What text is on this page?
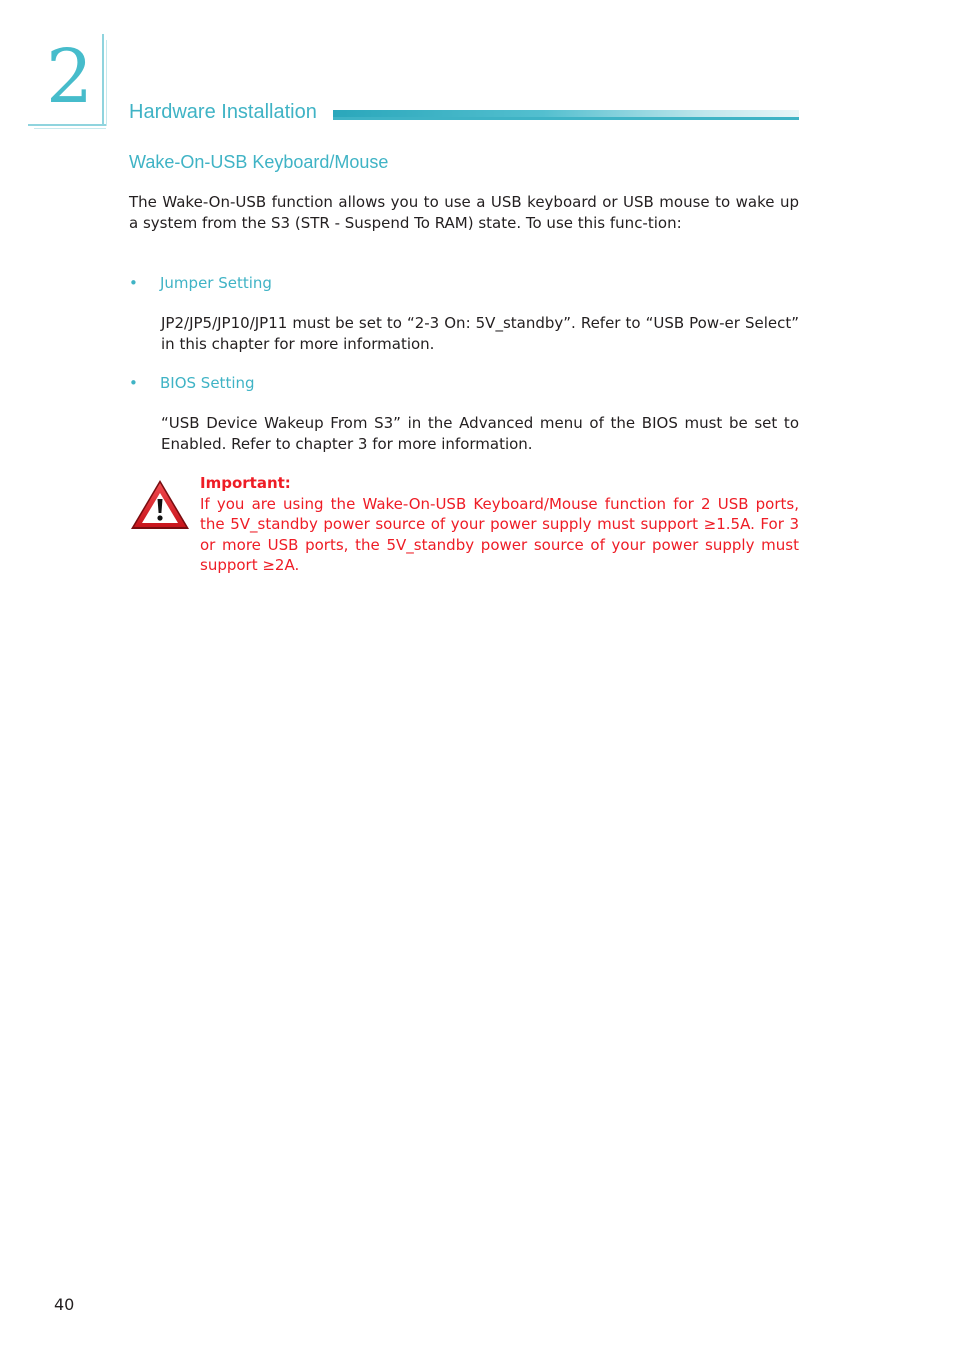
2 Hardware Installation
Wake-On-USB Keyboard/Mouse

The Wake-On-USB function allows you to use a USB keyboard or USB mouse to wake up a system from the S3 (STR - Suspend To RAM) state. To use this func-tion:

• Jumper Setting

JP2/JP5/JP10/JP11 must be set to “2-3 On: 5V_standby”. Refer to “USB Pow-er Select” in this chapter for more information.

• BIOS Setting

“USB Device Wakeup From S3” in the Advanced menu of the BIOS must be set to Enabled. Refer to chapter 3 for more information.

Important:
If you are using the Wake-On-USB Keyboard/Mouse function for 2 USB ports, the 5V_standby power source of your power supply must support ≥1.5A. For 3 or more USB ports, the 5V_standby power source of your power supply must support ≥2A.
40
